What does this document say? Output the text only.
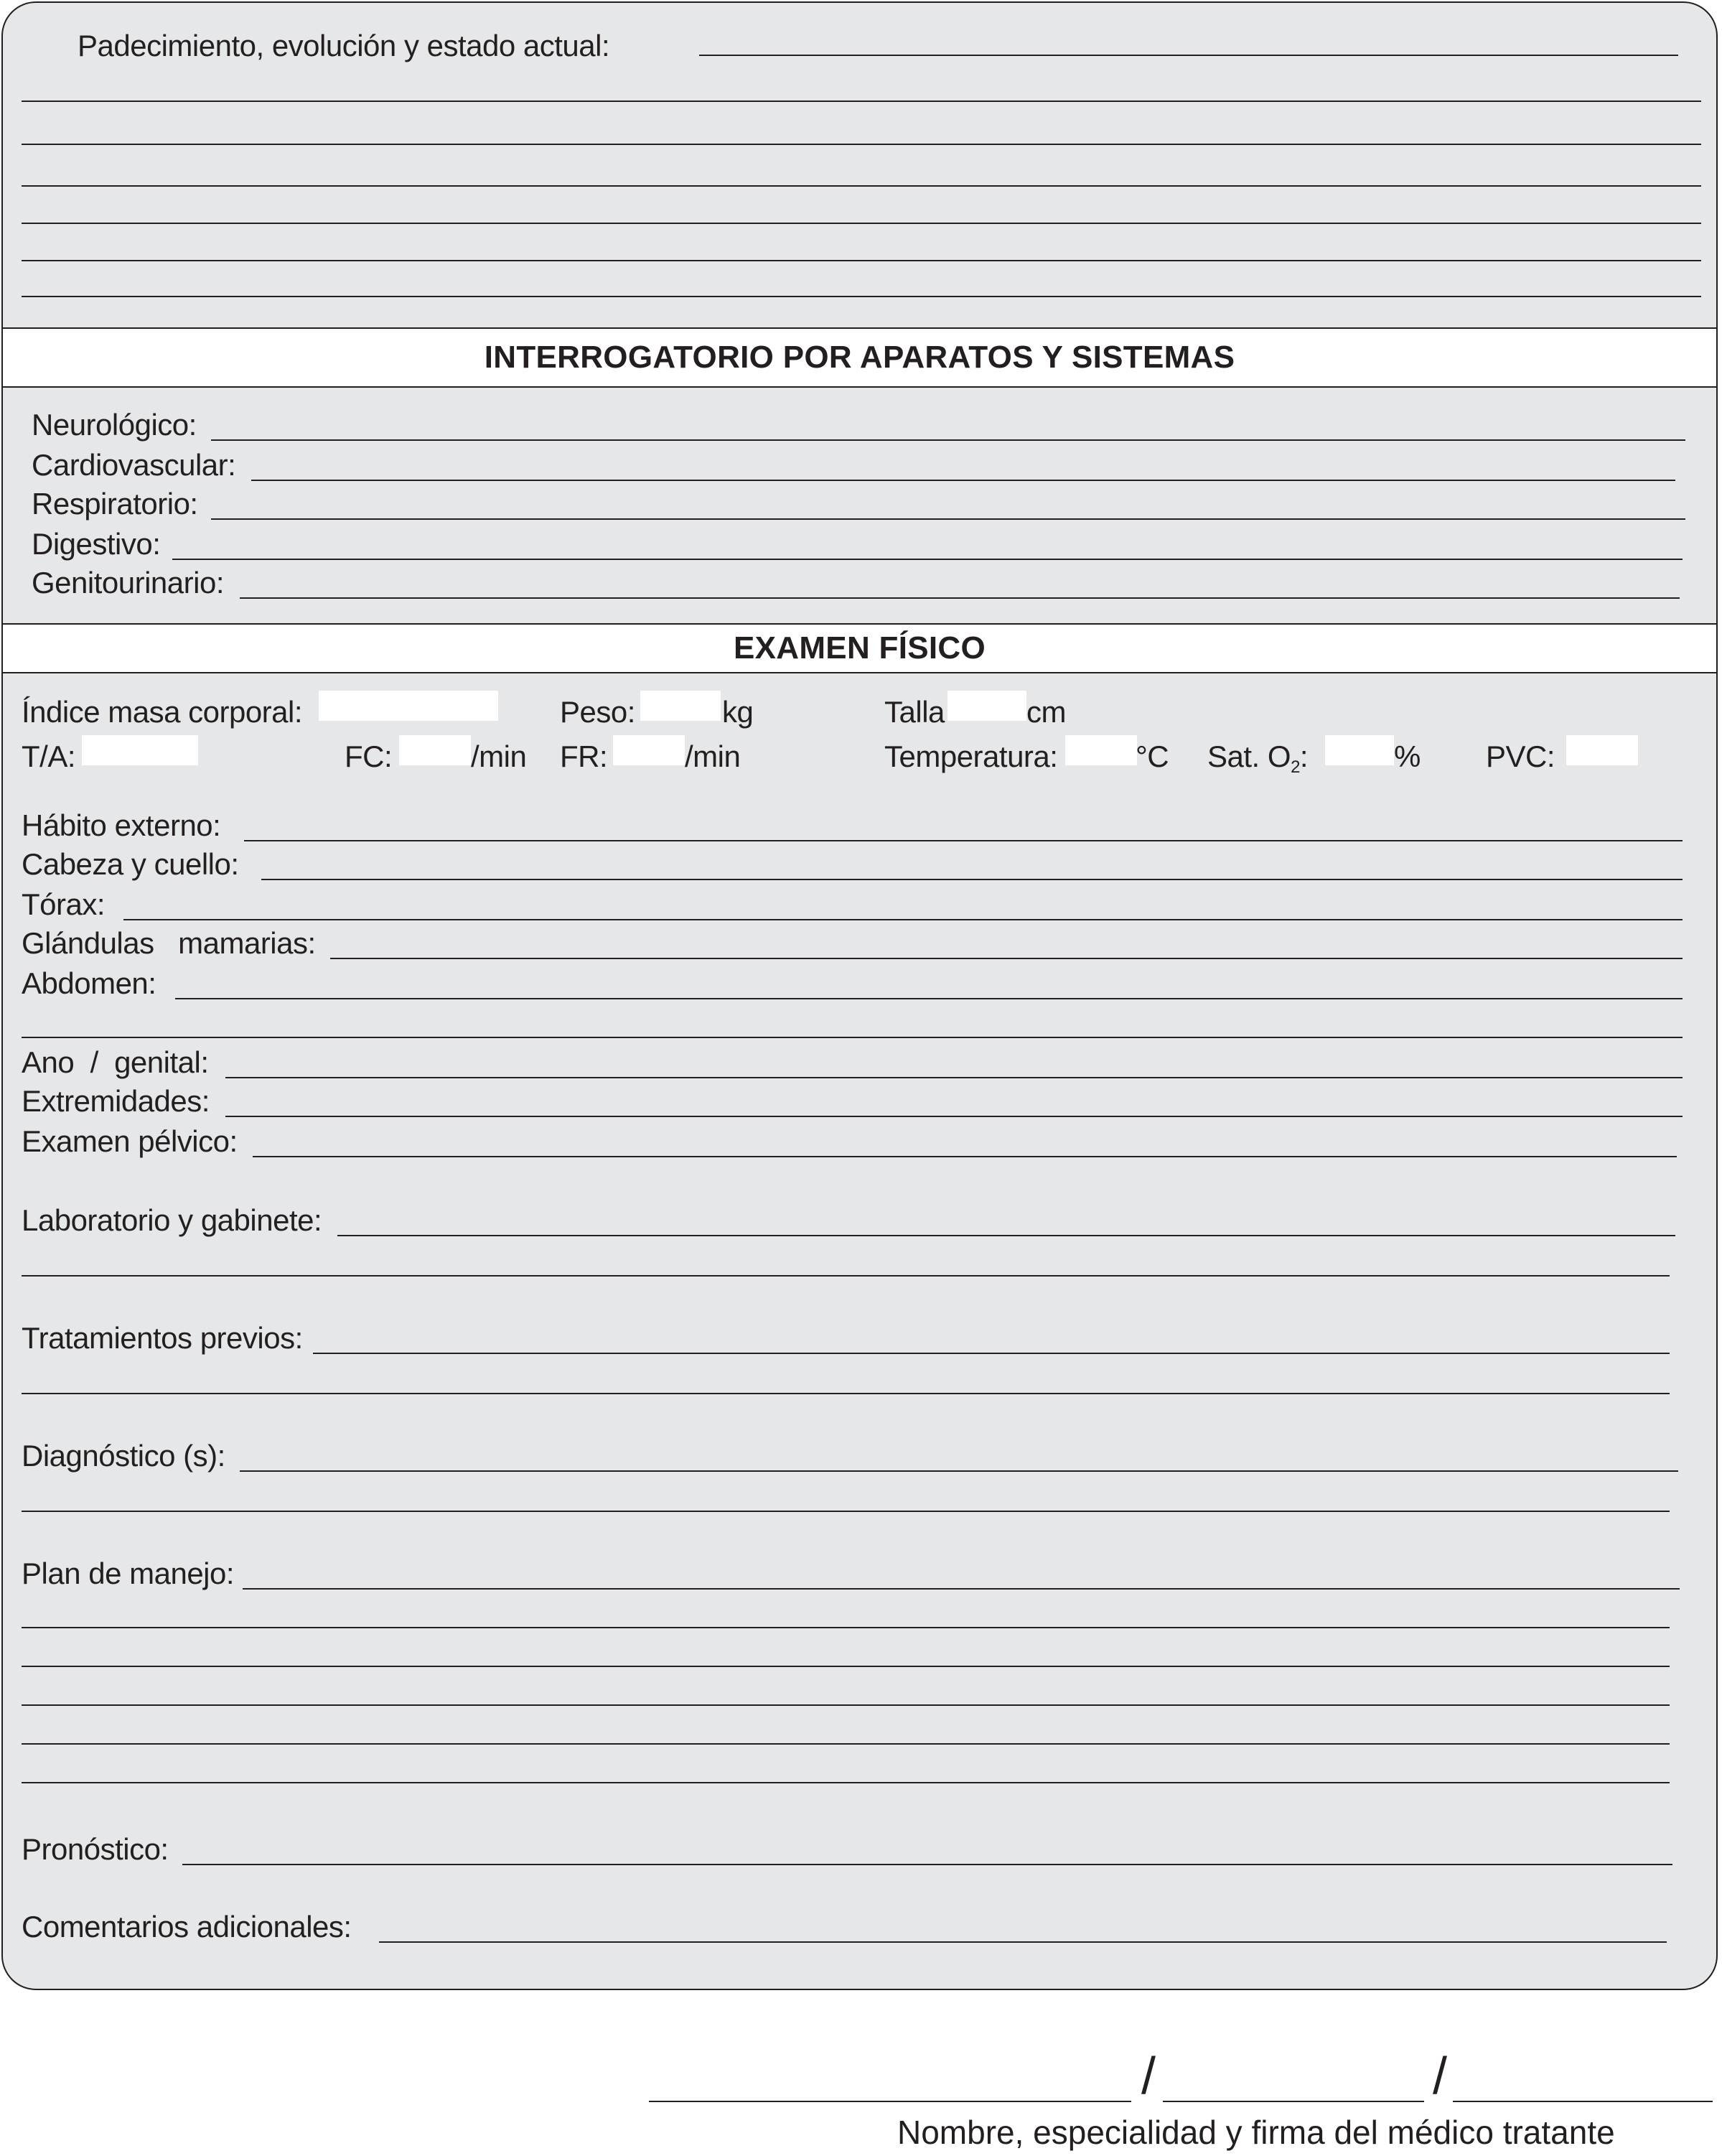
Padecimiento, evolución y estado actual:
INTERROGATORIO POR APARATOS Y SISTEMAS
Neurológico:
Cardiovascular:
Respiratorio:
Digestivo:
Genitourinario:
EXAMEN FÍSICO
Índice masa corporal:	Peso:	kg	Talla	cm
T/A:	FC:	/min FR:	/min	Temperatura:	°C Sat. $O_2$:	% PVC:
Hábito externo:
Cabeza y cuello:
Tórax:
Glándulas   mamarias:
Abdomen:
Ano  /  genital:
Extremidades:
Examen pélvico:
Laboratorio y gabinete:
Tratamientos previos:
Diagnóstico (s):
Plan de manejo:
Pronóstico:
Comentarios adicionales:
/	/
Nombre, especialidad y firma del médico tratante
